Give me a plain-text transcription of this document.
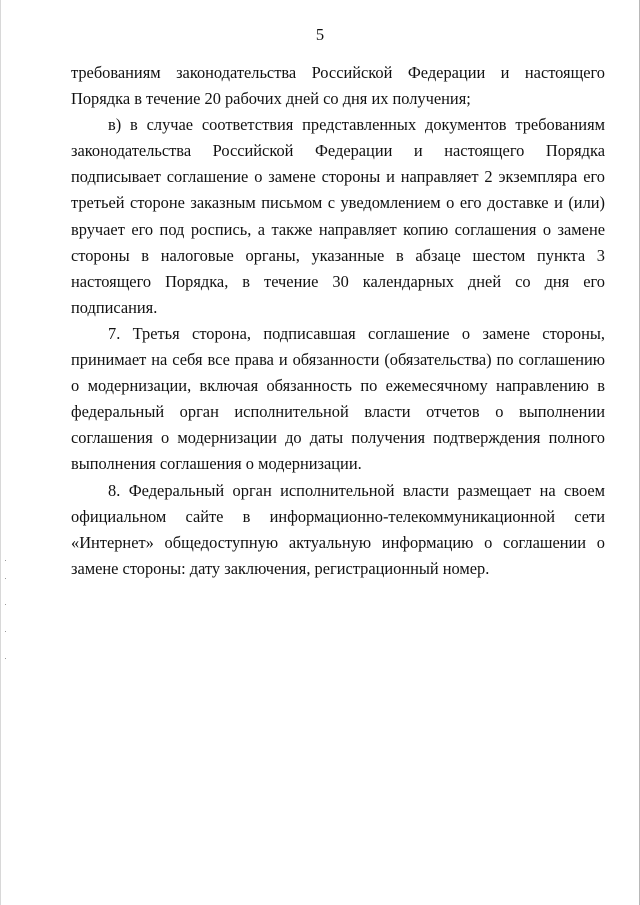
5

требованиям законодательства Российской Федерации и настоящего Порядка в течение 20 рабочих дней со дня их получения;

в) в случае соответствия представленных документов требованиям законодательства Российской Федерации и настоящего Порядка подписывает соглашение о замене стороны и направляет 2 экземпляра его третьей стороне заказным письмом с уведомлением о его доставке и (или) вручает его под роспись, а также направляет копию соглашения о замене стороны в налоговые органы, указанные в абзаце шестом пункта 3 настоящего Порядка, в течение 30 календарных дней со дня его подписания.

7. Третья сторона, подписавшая соглашение о замене стороны, принимает на себя все права и обязанности (обязательства) по соглашению о модернизации, включая обязанность по ежемесячному направлению в федеральный орган исполнительной власти отчетов о выполнении соглашения о модернизации до даты получения подтверждения полного выполнения соглашения о модернизации.

8. Федеральный орган исполнительной власти размещает на своем официальном сайте в информационно-телекоммуникационной сети «Интернет» общедоступную актуальную информацию о соглашении о замене стороны: дату заключения, регистрационный номер.
